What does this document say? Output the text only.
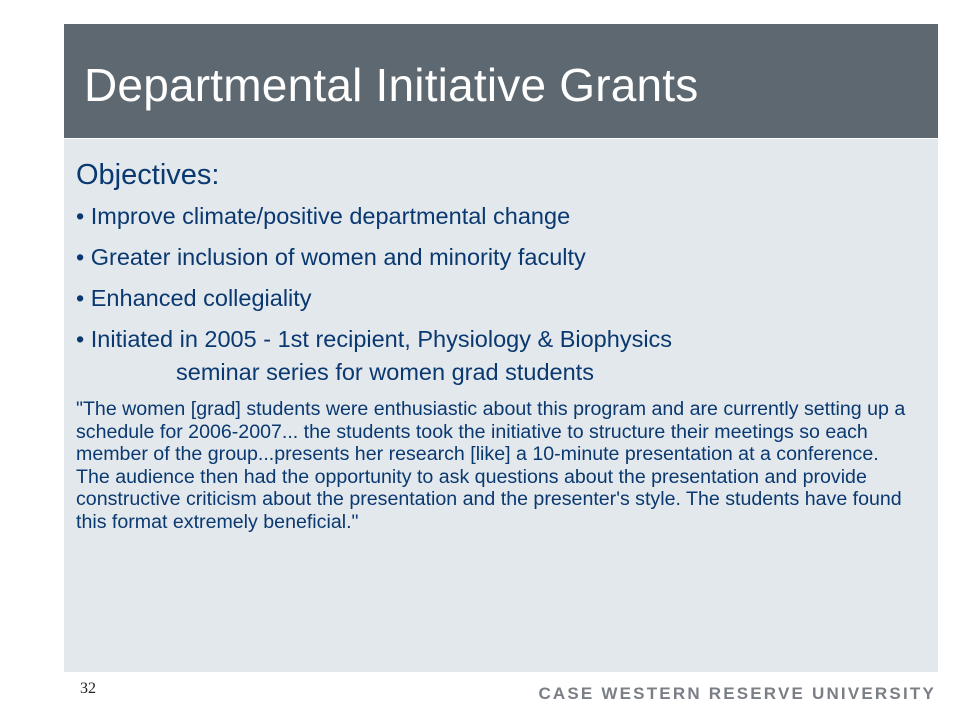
Departmental Initiative Grants
Objectives:
• Improve climate/positive departmental change
• Greater inclusion of women and minority faculty
• Enhanced collegiality
• Initiated in 2005 - 1st recipient, Physiology & Biophysics
seminar series for women grad students

"The women [grad] students were enthusiastic about this program and are currently setting up a schedule for 2006-2007... the students took the initiative to structure their meetings so each member of the group...presents her research [like] a 10-minute presentation at a conference. The audience then had the opportunity to ask questions about the presentation and provide constructive criticism about the presentation and the presenter's style. The students have found this format extremely beneficial."

32	CASE WESTERN RESERVE UNIVERSITY
